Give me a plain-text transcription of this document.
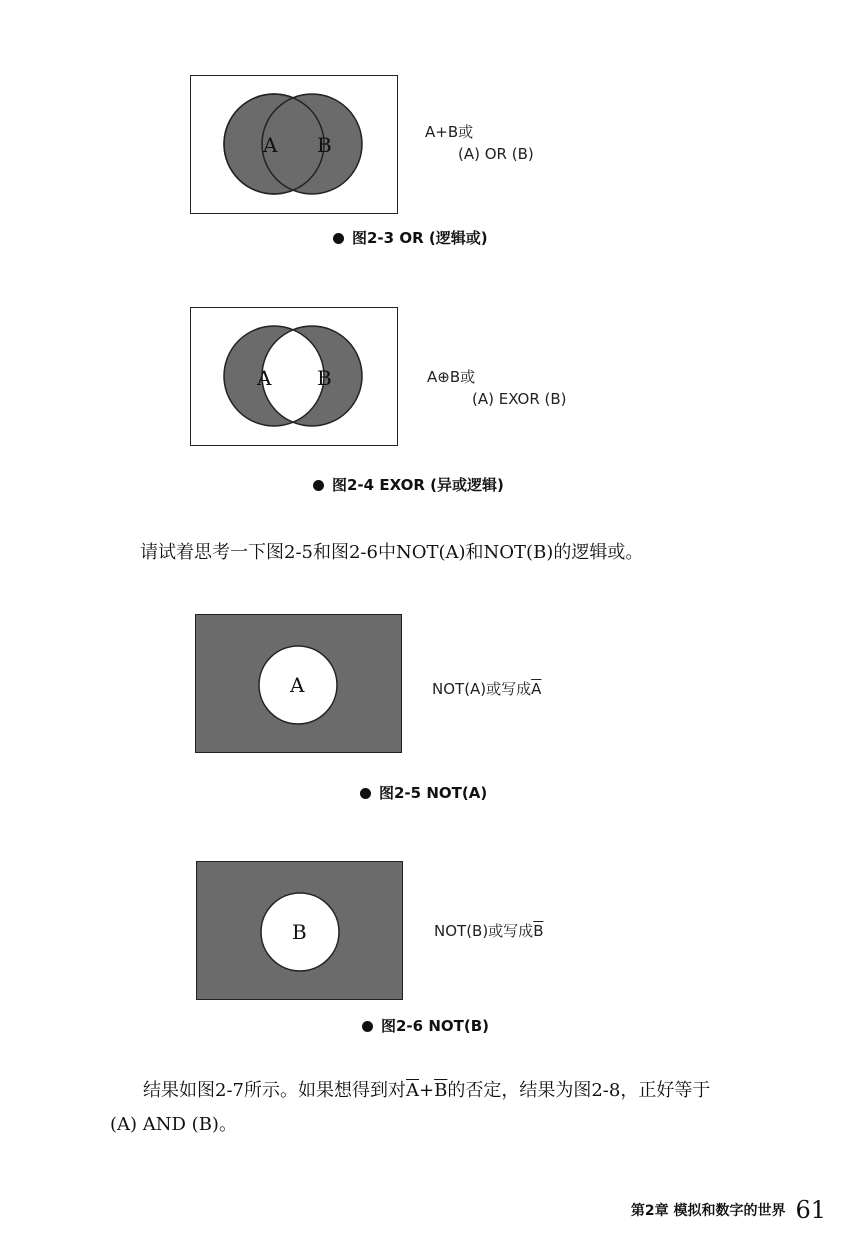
A B
A+B或
(A) OR (B)
图2-3 OR (逻辑或)
A B	A⊕B或
(A) EXOR (B)
图2-4 EXOR (异或逻辑)
请试着思考一下图2-5和图2-6中NOT(A)和NOT(B)的逻辑或。
A	NOT(A)或写成$\overline{A}$
图2-5 NOT(A)
B	NOT(B)或写成$\overline{B}$
图2-6 NOT(B)
结果如图2-7所示。如果想得到对$\overline{A}+\overline{B}$的否定，结果为图2-8，正好等于
(A) AND (B)。
第2章 模拟和数字的世界 61
